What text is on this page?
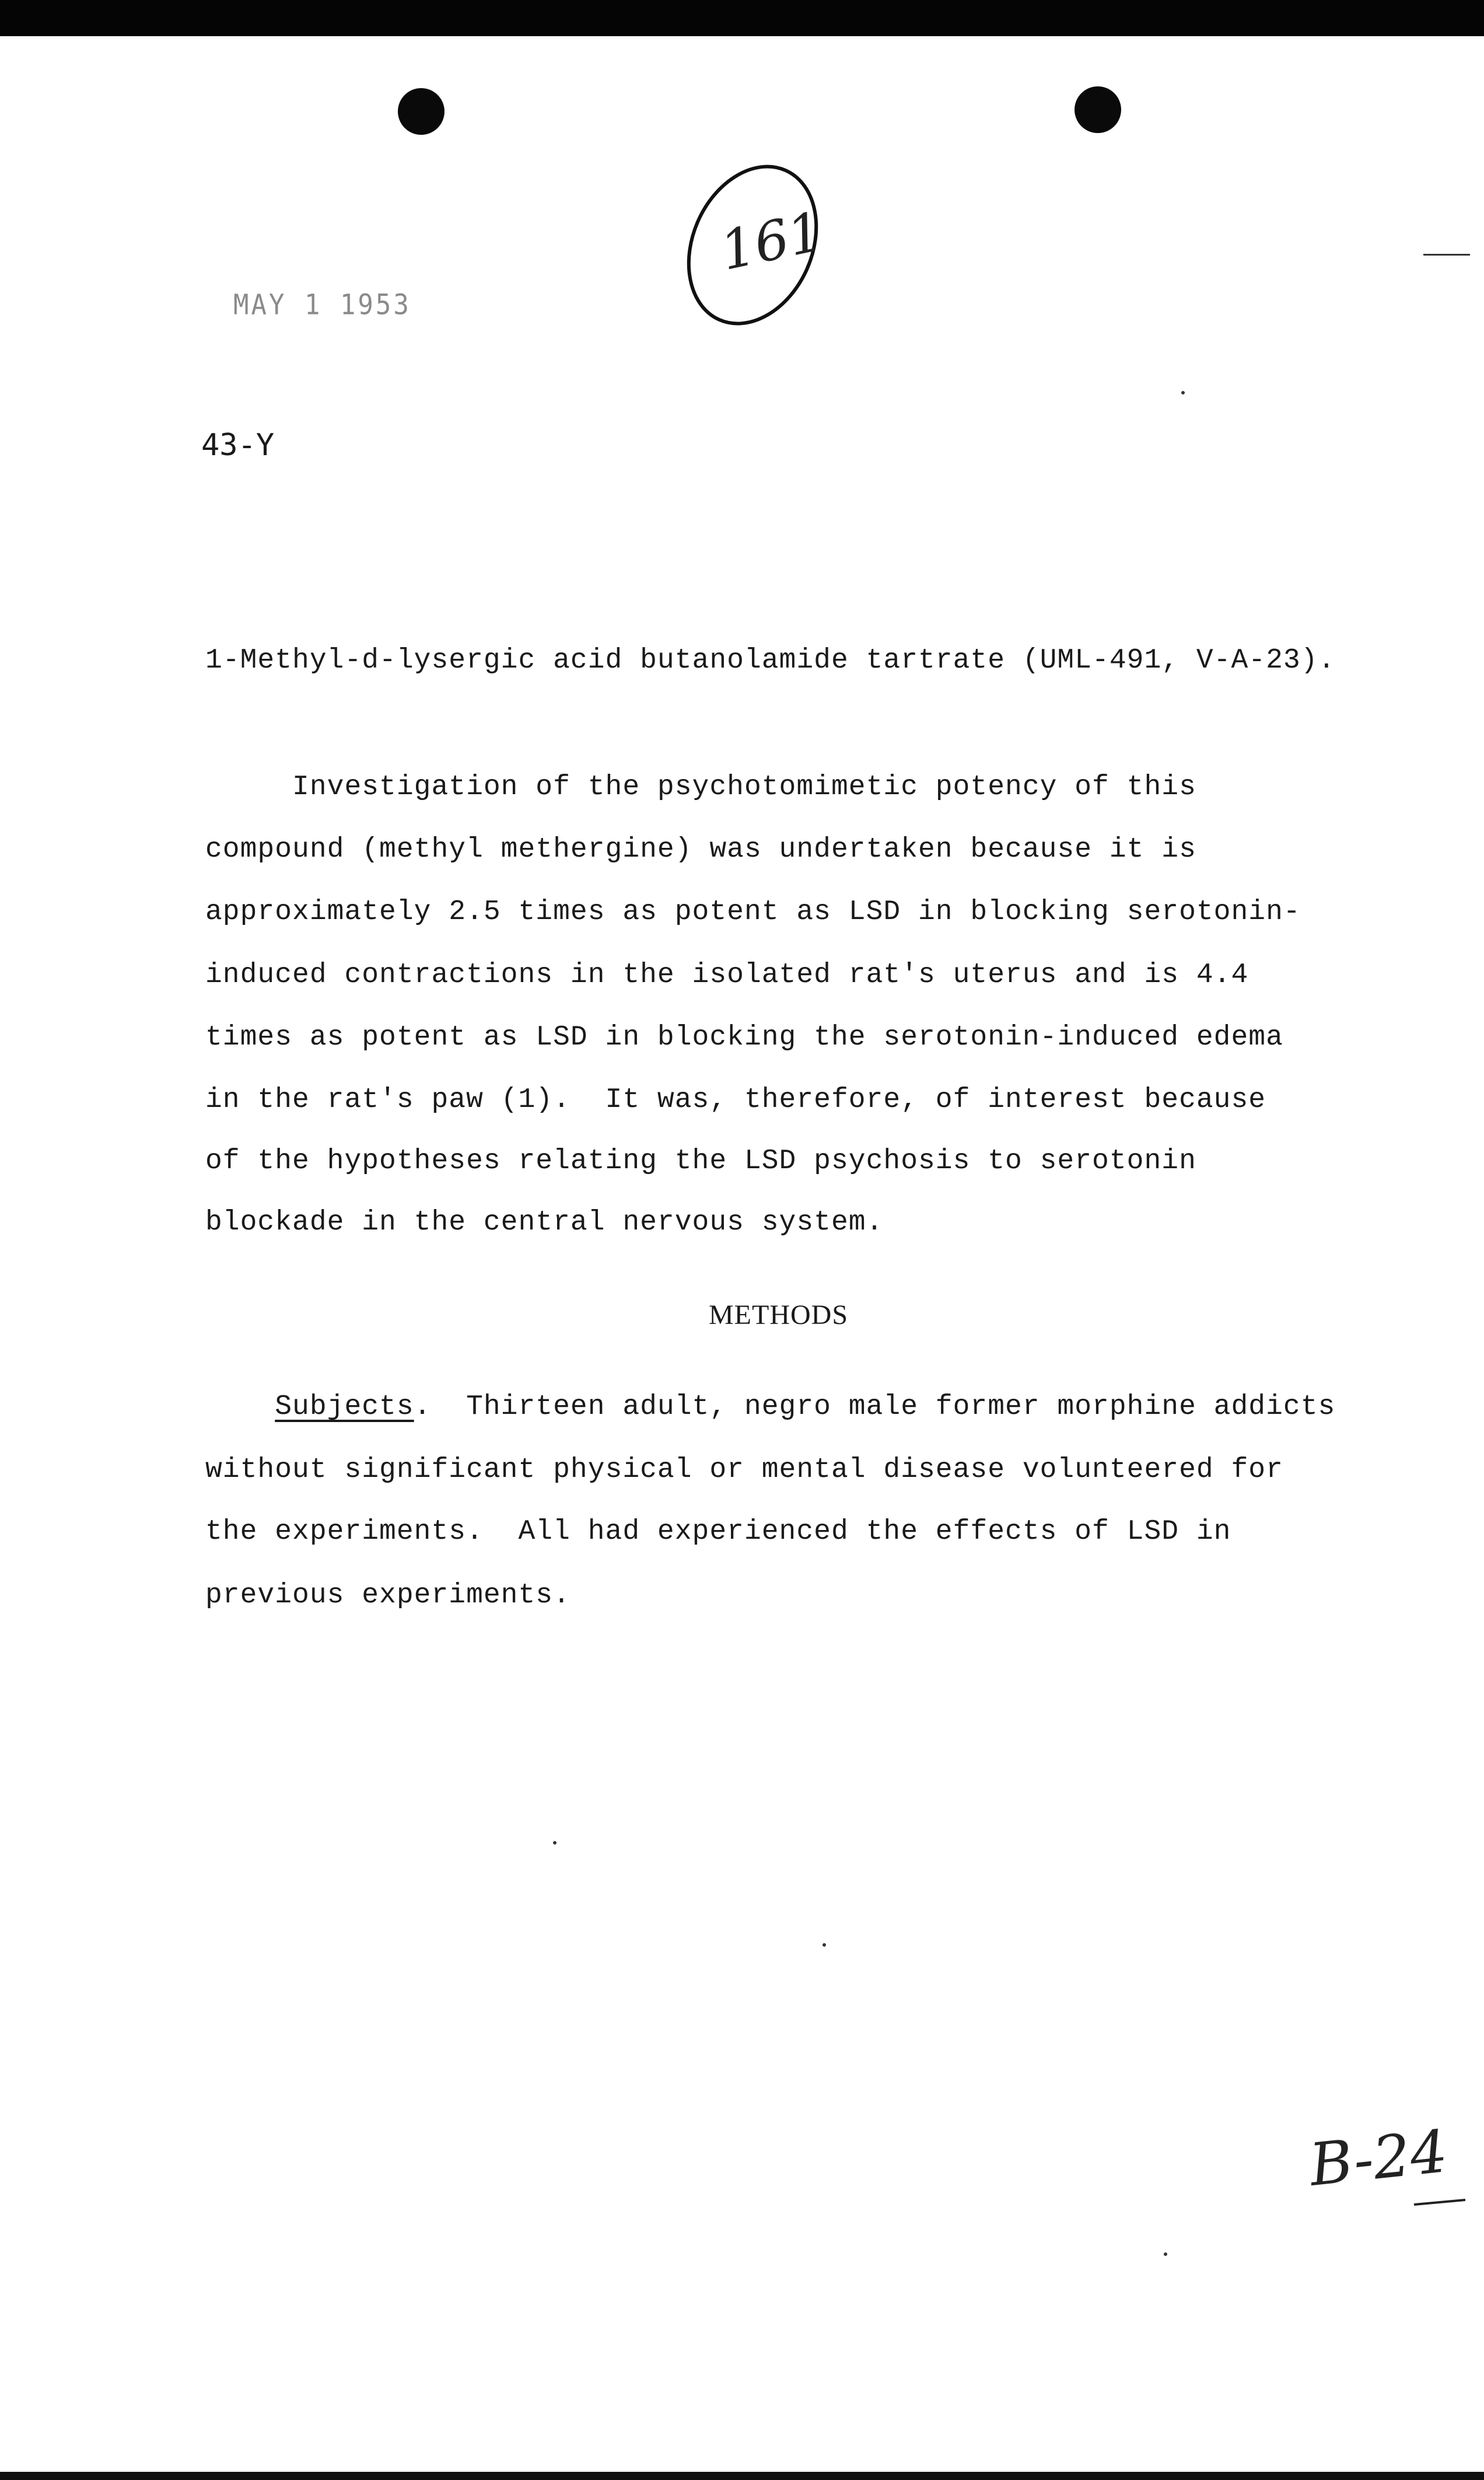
161
MAY 1 1953
43-Y
1-Methyl-d-lysergic acid butanolamide tartrate (UML-491, V-A-23).
Investigation of the psychotomimetic potency of this
compound (methyl methergine) was undertaken because it is
approximately 2.5 times as potent as LSD in blocking serotonin-
induced contractions in the isolated rat's uterus and is 4.4
times as potent as LSD in blocking the serotonin-induced edema
in the rat's paw (1).  It was, therefore, of interest because
of the hypotheses relating the LSD psychosis to serotonin
blockade in the central nervous system.
METHODS
Subjects.  Thirteen adult, negro male former morphine addicts
without significant physical or mental disease volunteered for
the experiments.  All had experienced the effects of LSD in
previous experiments.
B-24
